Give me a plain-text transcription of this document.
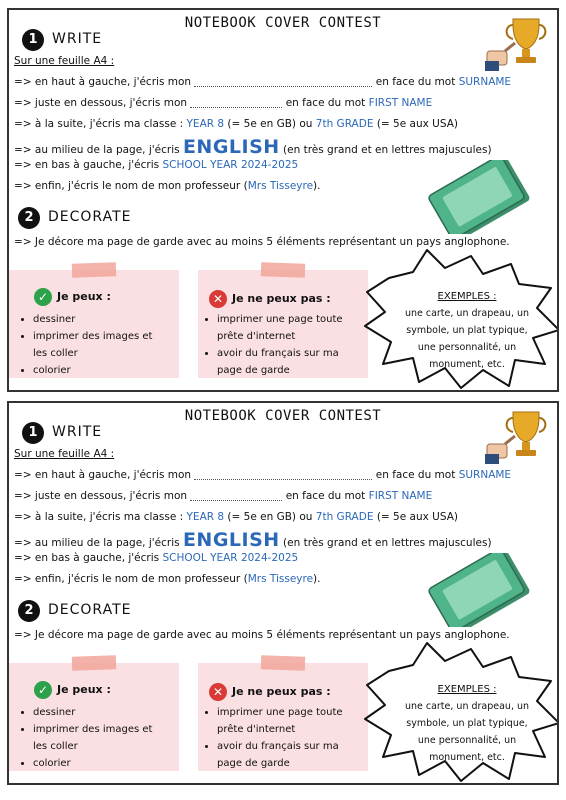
NOTEBOOK COVER CONTEST
1	WRITE
Sur une feuille A4 :
=> en haut à gauche, j'écris mon	en face du mot SURNAME
=> juste en dessous, j'écris mon	en face du mot FIRST NAME
=> à la suite, j'écris ma classe : YEAR 8 (= 5e en GB) ou 7th GRADE (= 5e aux USA)
=> au milieu de la page, j'écris ENGLISH (en très grand et en lettres majuscules)
=> en bas à gauche, j'écris SCHOOL YEAR 2024-2025
=> enfin, j'écris le nom de mon professeur (Mrs Tisseyre).
2	DECORATE
=> Je décore ma page de garde avec au moins 5 éléments représentant un pays anglophone.
✓ Je peux :
• dessiner
• imprimer des images et
les coller
• colorier
✕ Je ne peux pas :
• imprimer une page toute
prête d'internet
• avoir du français sur ma
page de garde
EXEMPLES :
une carte, un drapeau, un
symbole, un plat typique,
une personnalité, un
monument, etc.
NOTEBOOK COVER CONTEST
1	WRITE
Sur une feuille A4 :
=> en haut à gauche, j'écris mon	en face du mot SURNAME
=> juste en dessous, j'écris mon	en face du mot FIRST NAME
=> à la suite, j'écris ma classe : YEAR 8 (= 5e en GB) ou 7th GRADE (= 5e aux USA)
=> au milieu de la page, j'écris ENGLISH (en très grand et en lettres majuscules)
=> en bas à gauche, j'écris SCHOOL YEAR 2024-2025
=> enfin, j'écris le nom de mon professeur (Mrs Tisseyre).
2	DECORATE
=> Je décore ma page de garde avec au moins 5 éléments représentant un pays anglophone.
✓ Je peux :
• dessiner
• imprimer des images et
les coller
• colorier
✕ Je ne peux pas :
• imprimer une page toute
prête d'internet
• avoir du français sur ma
page de garde
EXEMPLES :
une carte, un drapeau, un
symbole, un plat typique,
une personnalité, un
monument, etc.
